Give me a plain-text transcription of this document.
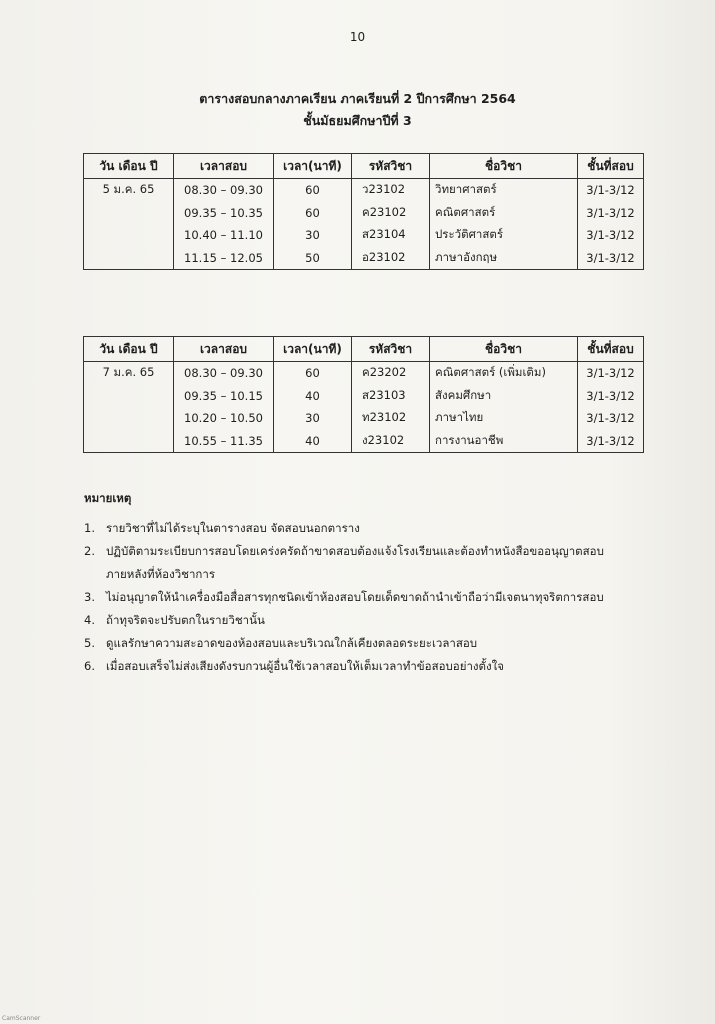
10
ตารางสอบกลางภาคเรียน ภาคเรียนที่ 2 ปีการศึกษา 2564
ชั้นมัธยมศึกษาปีที่ 3
วัน เดือน ปี	เวลาสอบ	เวลา(นาที)	รหัสวิชา	ชื่อวิชา	ชั้นที่สอบ
5 ม.ค. 65	08.30 – 09.30	60	ว23102	วิทยาศาสตร์	3/1-3/12
	09.35 – 10.35	60	ค23102	คณิตศาสตร์	3/1-3/12
	10.40 – 11.10	30	ส23104	ประวัติศาสตร์	3/1-3/12
	11.15 – 12.05	50	อ23102	ภาษาอังกฤษ	3/1-3/12
วัน เดือน ปี	เวลาสอบ	เวลา(นาที)	รหัสวิชา	ชื่อวิชา	ชั้นที่สอบ
7 ม.ค. 65	08.30 – 09.30	60	ค23202	คณิตศาสตร์ (เพิ่มเติม)	3/1-3/12
	09.35 – 10.15	40	ส23103	สังคมศึกษา	3/1-3/12
	10.20 – 10.50	30	ท23102	ภาษาไทย	3/1-3/12
	10.55 – 11.35	40	ง23102	การงานอาชีพ	3/1-3/12
หมายเหตุ
1. รายวิชาที่ไม่ได้ระบุในตารางสอบ จัดสอบนอกตาราง
2. ปฏิบัติตามระเบียบการสอบโดยเคร่งครัดถ้าขาดสอบต้องแจ้งโรงเรียนและต้องทำหนังสือขออนุญาตสอบ
ภายหลังที่ห้องวิชาการ
3. ไม่อนุญาตให้นำเครื่องมือสื่อสารทุกชนิดเข้าห้องสอบโดยเด็ดขาดถ้านำเข้าถือว่ามีเจตนาทุจริตการสอบ
4. ถ้าทุจริตจะปรับตกในรายวิชานั้น
5. ดูแลรักษาความสะอาดของห้องสอบและบริเวณใกล้เคียงตลอดระยะเวลาสอบ
6. เมื่อสอบเสร็จไม่ส่งเสียงดังรบกวนผู้อื่นใช้เวลาสอบให้เต็มเวลาทำข้อสอบอย่างตั้งใจ
CamScanner
